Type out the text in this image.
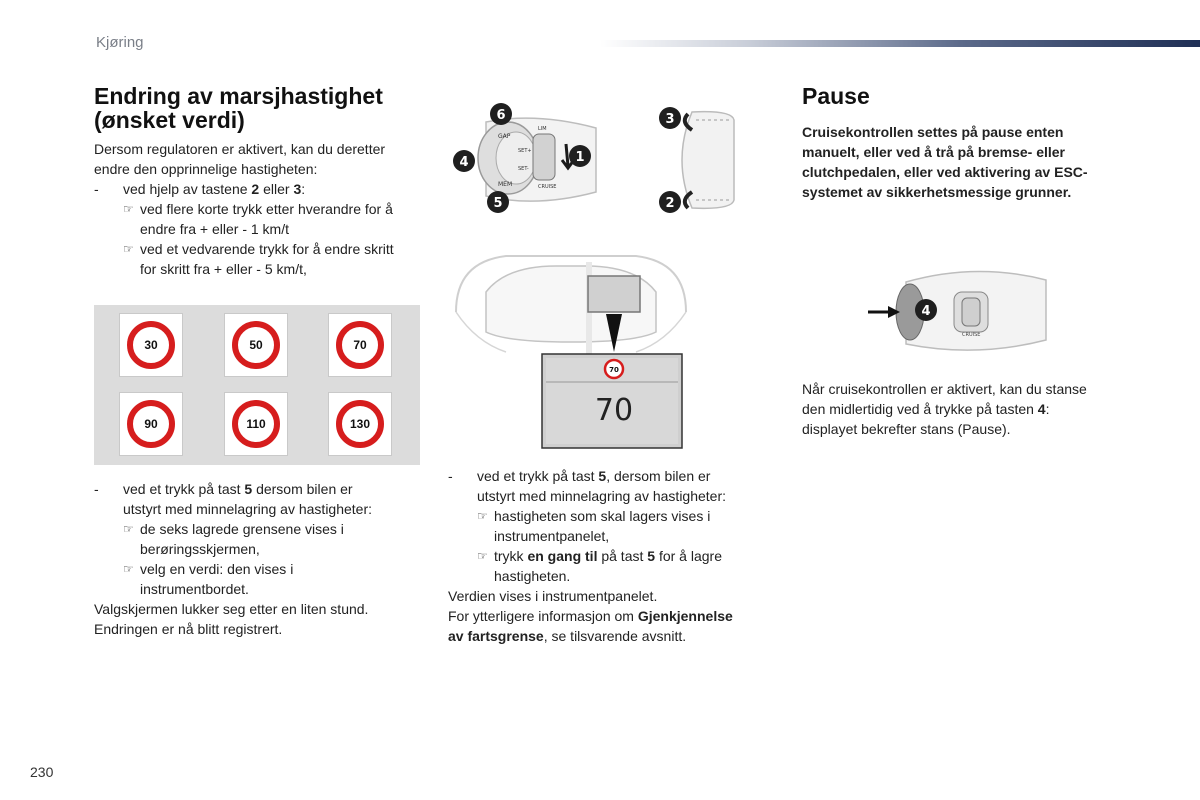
Kjøring
Endring av marsjhastighet
(ønsket verdi)

Dersom regulatoren er aktivert, kan du deretter

endre den opprinnelige hastigheten:

-	ved hjelp av tastene 2 eller 3:
☞ ved flere korte trykk etter hverandre for å
endre fra + eller - 1 km/t
☞ ved et vedvarende trykk for å endre skritt
for skritt fra + eller - 5 km/t,
30	50	70
90	110	130
-	ved et trykk på tast 5 dersom bilen er
utstyrt med minnelagring av hastigheter:
☞ de seks lagrede grensene vises i
berøringsskjermen,
☞ velg en verdi: den vises i
instrumentbordet.

Valgskjermen lukker seg etter en liten stund.

Endringen er nå blitt registrert.

GAP
LIM
CRUISE
MEM
SET+
SET-
6
4
5
1
3
2
70
70
-	ved et trykk på tast 5, dersom bilen er
utstyrt med minnelagring av hastigheter:
☞ hastigheten som skal lagers vises i
instrumentpanelet,
☞ trykk en gang til på tast 5 for å lagre
hastigheten.

Verdien vises i instrumentpanelet.

For ytterligere informasjon om Gjenkjennelse
av fartsgrense, se tilsvarende avsnitt.

Pause

Cruisekontrollen settes på pause enten

manuelt, eller ved å trå på bremse- eller

clutchpedalen, eller ved aktivering av ESC-

systemet av sikkerhetsmessige grunner.

CRUISE
4

Når cruisekontrollen er aktivert, kan du stanse

den midlertidig ved å trykke på tasten 4:

displayet bekrefter stans (Pause).

230
